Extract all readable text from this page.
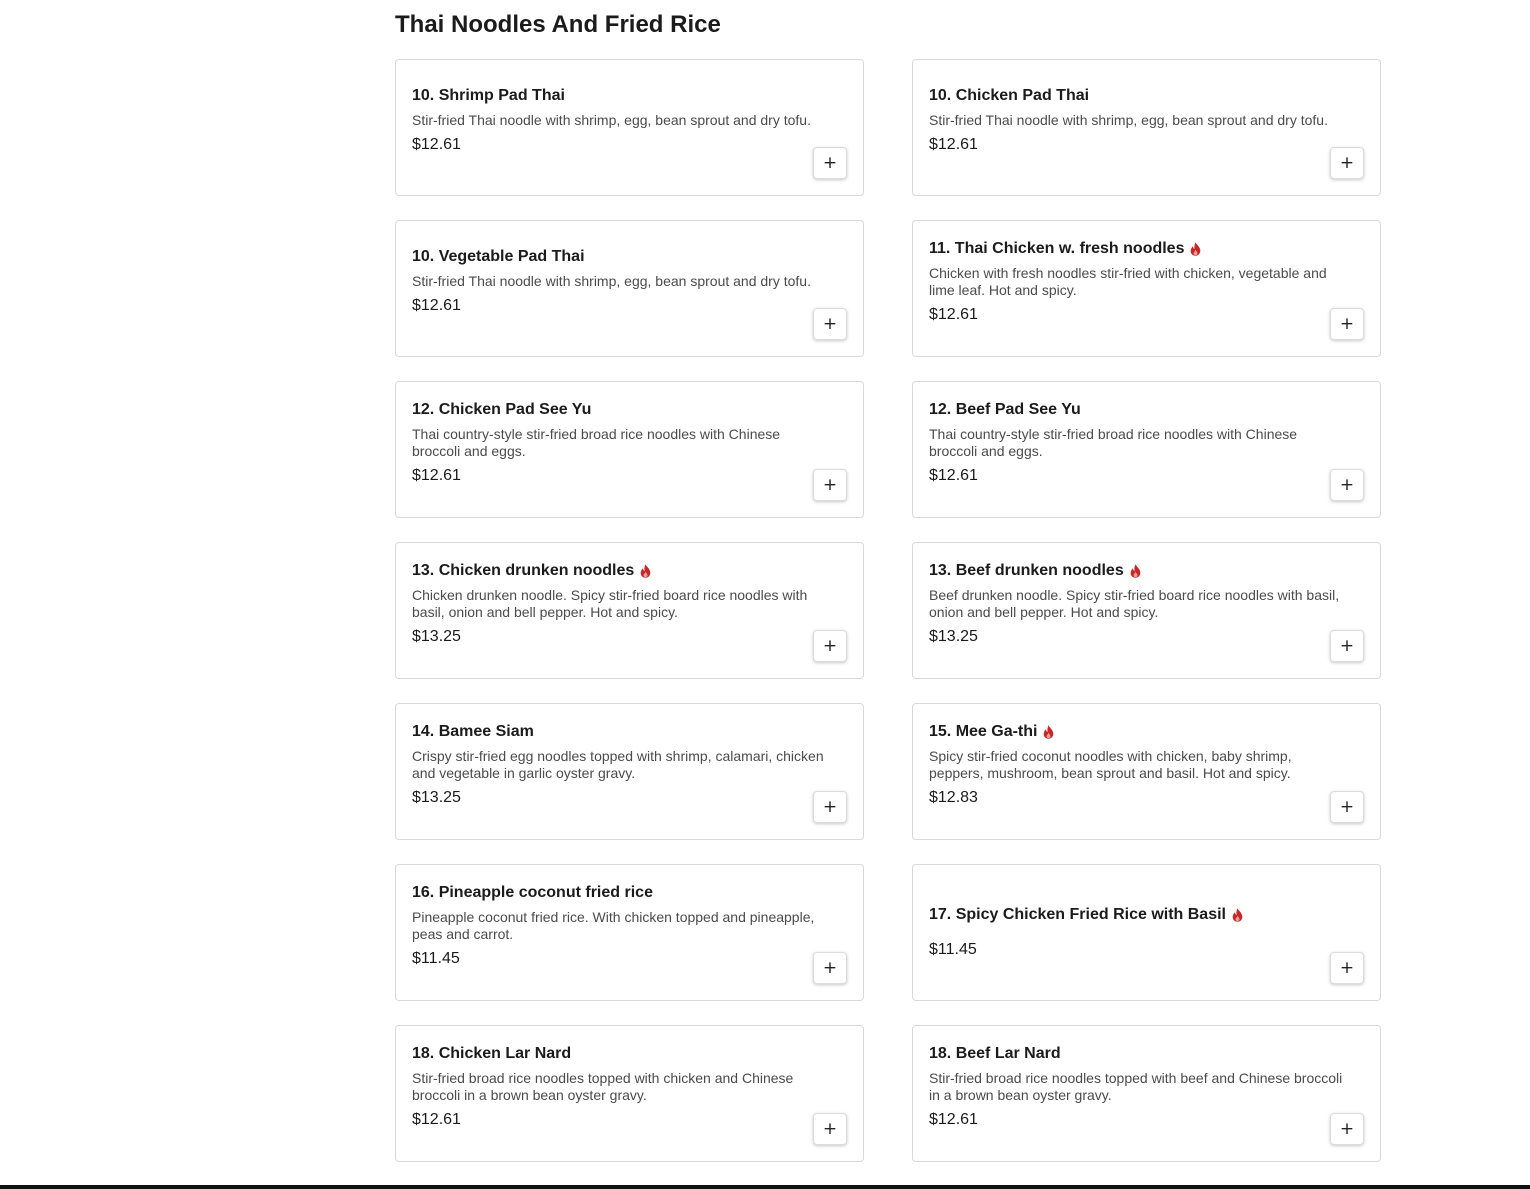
Thai Noodles And Fried Rice
10. Shrimp Pad Thai
Stir-fried Thai noodle with shrimp, egg, bean sprout and dry tofu.
$12.61
+
10. Chicken Pad Thai
Stir-fried Thai noodle with shrimp, egg, bean sprout and dry tofu.
$12.61
+
10. Vegetable Pad Thai
Stir-fried Thai noodle with shrimp, egg, bean sprout and dry tofu.
$12.61
+
11. Thai Chicken w. fresh noodles
Chicken with fresh noodles stir-fried with chicken, vegetable and lime leaf. Hot and spicy.
$12.61	+
12. Chicken Pad See Yu
Thai country-style stir-fried broad rice noodles with Chinese broccoli and eggs.
$12.61	+
12. Beef Pad See Yu
Thai country-style stir-fried broad rice noodles with Chinese broccoli and eggs.
$12.61	+
13. Chicken drunken noodles
Chicken drunken noodle. Spicy stir-fried board rice noodles with basil, onion and bell pepper. Hot and spicy.
$13.25	+
13. Beef drunken noodles
Beef drunken noodle. Spicy stir-fried board rice noodles with basil, onion and bell pepper. Hot and spicy.
$13.25	+
14. Bamee Siam
Crispy stir-fried egg noodles topped with shrimp, calamari, chicken and vegetable in garlic oyster gravy.
$13.25	+
15. Mee Ga-thi
Spicy stir-fried coconut noodles with chicken, baby shrimp, peppers, mushroom, bean sprout and basil. Hot and spicy.
$12.83	+
16. Pineapple coconut fried rice
Pineapple coconut fried rice. With chicken topped and pineapple, peas and carrot.
$11.45	+
17. Spicy Chicken Fried Rice with Basil
$11.45
+
18. Chicken Lar Nard
Stir-fried broad rice noodles topped with chicken and Chinese broccoli in a brown bean oyster gravy.
$12.61	+
18. Beef Lar Nard
Stir-fried broad rice noodles topped with beef and Chinese broccoli in a brown bean oyster gravy.
$12.61	+
